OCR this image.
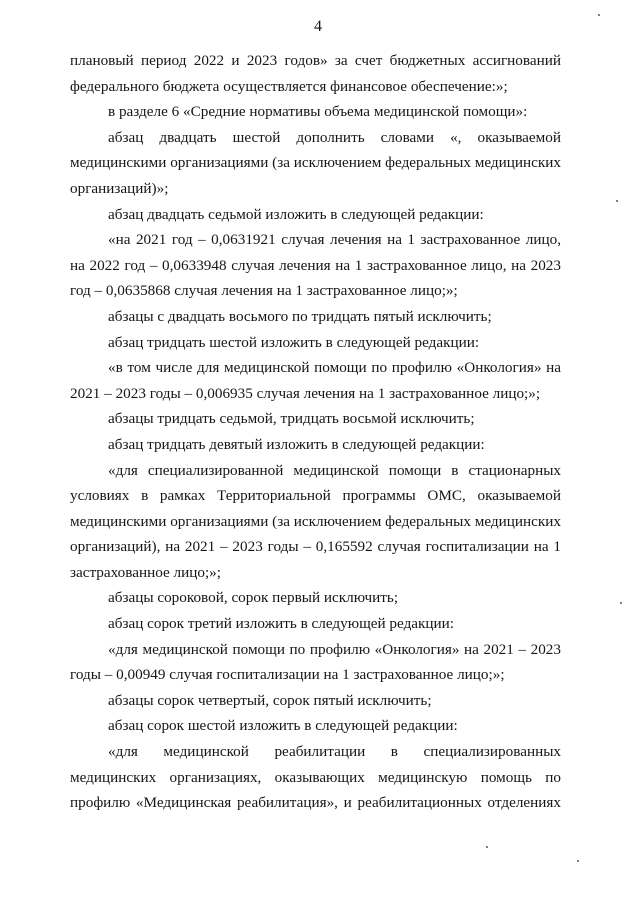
4

плановый период 2022 и 2023 годов» за счет бюджетных ассигнований федерального бюджета осуществляется финансовое обеспечение:»;

в разделе 6 «Средние нормативы объема медицинской помощи»:

абзац двадцать шестой дополнить словами «, оказываемой медицинскими организациями (за исключением федеральных медицинских организаций)»;

абзац двадцать седьмой изложить в следующей редакции:

«на 2021 год – 0,0631921 случая лечения на 1 застрахованное лицо, на 2022 год – 0,0633948 случая лечения на 1 застрахованное лицо, на 2023 год – 0,0635868 случая лечения на 1 застрахованное лицо;»;

абзацы с двадцать восьмого по тридцать пятый исключить;

абзац тридцать шестой изложить в следующей редакции:

«в том числе для медицинской помощи по профилю «Онкология» на 2021 – 2023 годы – 0,006935 случая лечения на 1 застрахованное лицо;»;

абзацы тридцать седьмой, тридцать восьмой исключить;

абзац тридцать девятый изложить в следующей редакции:

«для специализированной медицинской помощи в стационарных условиях в рамках Территориальной программы ОМС, оказываемой медицинскими организациями (за исключением федеральных медицинских организаций), на 2021 – 2023 годы – 0,165592 случая госпитализации на 1 застрахованное лицо;»;

абзацы сороковой, сорок первый исключить;

абзац сорок третий изложить в следующей редакции:

«для медицинской помощи по профилю «Онкология» на 2021 – 2023 годы – 0,00949 случая госпитализации на 1 застрахованное лицо;»;

абзацы сорок четвертый, сорок пятый исключить;

абзац сорок шестой изложить в следующей редакции:

«для медицинской реабилитации в специализированных медицинских организациях, оказывающих медицинскую помощь по профилю «Медицинская реабилитация», и реабилитационных отделениях
